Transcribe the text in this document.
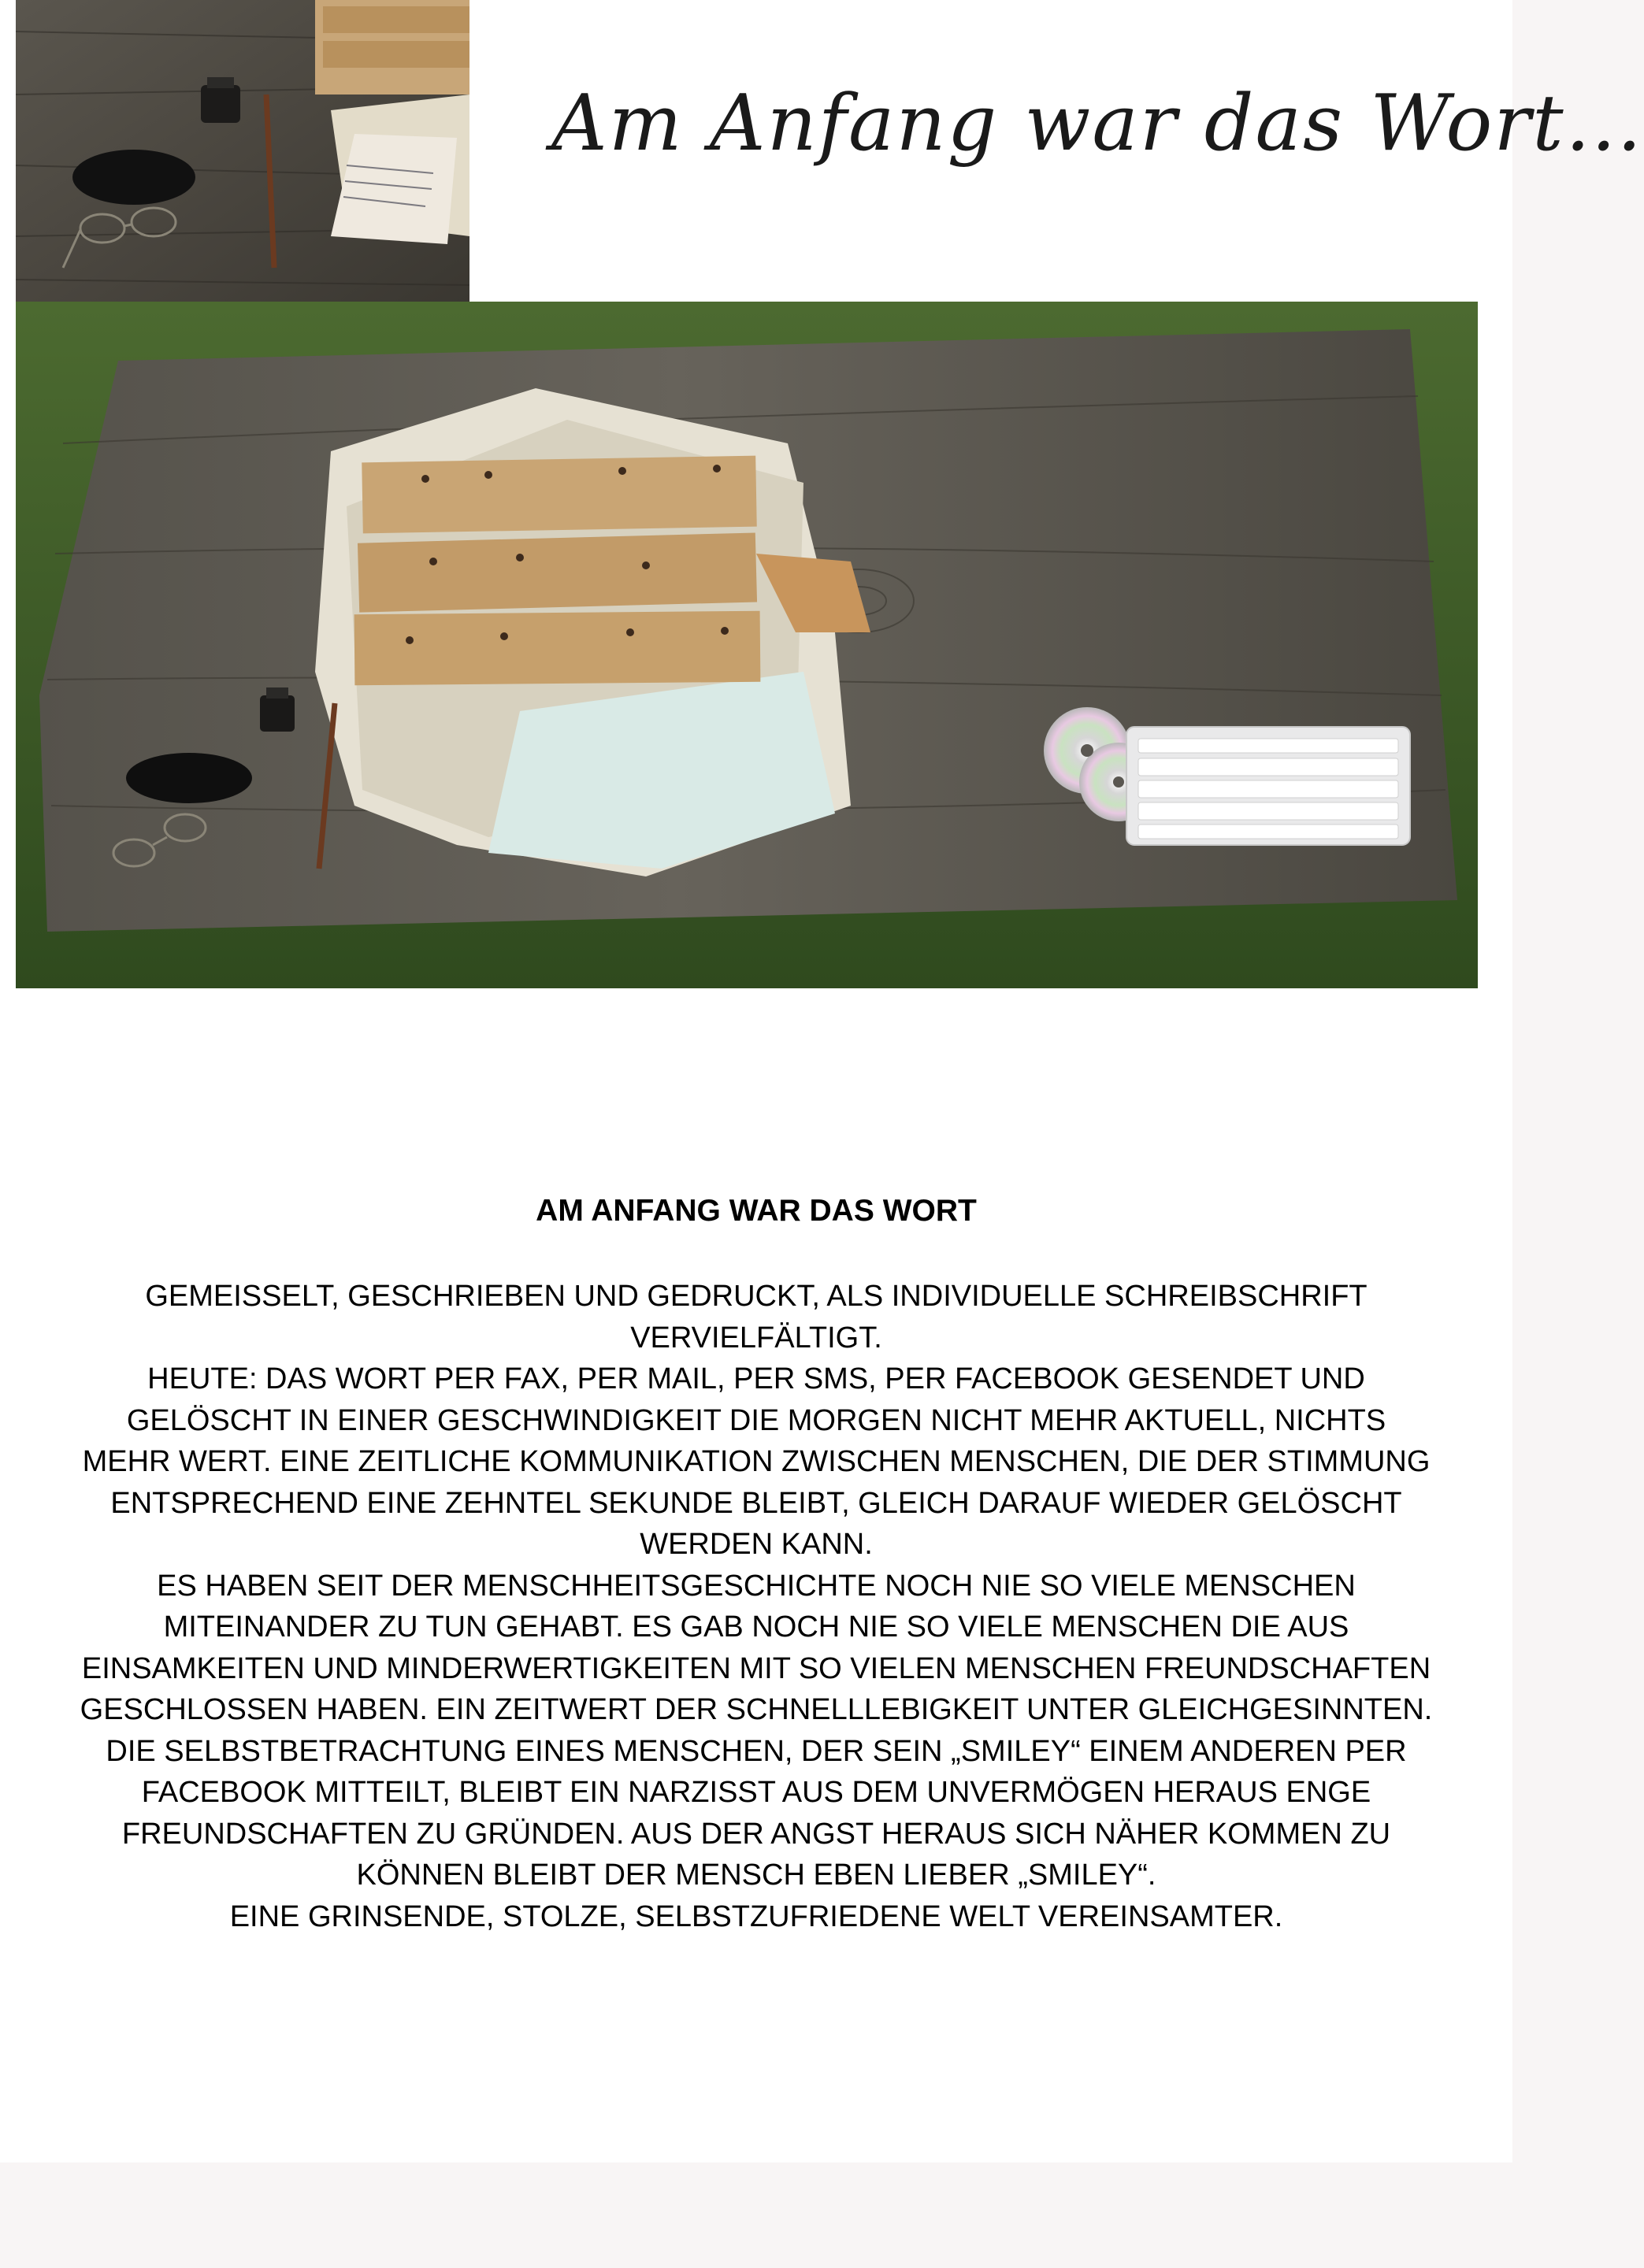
Am Anfang war das Wort…
AM ANFANG WAR DAS WORT

GEMEISSELT, GESCHRIEBEN UND GEDRUCKT, ALS INDIVIDUELLE SCHREIBSCHRIFT VERVIELFÄLTIGT.

HEUTE: DAS WORT PER FAX, PER MAIL, PER SMS, PER FACEBOOK GESENDET UND GELÖSCHT IN EINER GESCHWINDIGKEIT DIE MORGEN NICHT MEHR AKTUELL, NICHTS MEHR WERT. EINE ZEITLICHE KOMMUNIKATION ZWISCHEN MENSCHEN, DIE DER STIMMUNG ENTSPRECHEND EINE ZEHNTEL SEKUNDE BLEIBT, GLEICH DARAUF WIEDER GELÖSCHT WERDEN KANN.

ES HABEN SEIT DER MENSCHHEITSGESCHICHTE NOCH NIE SO VIELE MENSCHEN MITEINANDER ZU TUN GEHABT. ES GAB NOCH NIE SO VIELE MENSCHEN DIE AUS EINSAMKEITEN UND MINDERWERTIGKEITEN MIT SO VIELEN MENSCHEN FREUNDSCHAFTEN GESCHLOSSEN HABEN. EIN ZEITWERT DER SCHNELLLEBIGKEIT UNTER GLEICHGESINNTEN. DIE SELBSTBETRACHTUNG EINES MENSCHEN, DER SEIN „SMILEY“ EINEM ANDEREN PER FACEBOOK MITTEILT, BLEIBT EIN NARZISST AUS DEM UNVERMÖGEN HERAUS ENGE FREUNDSCHAFTEN ZU GRÜNDEN. AUS DER ANGST HERAUS SICH NÄHER KOMMEN ZU KÖNNEN BLEIBT DER MENSCH EBEN LIEBER „SMILEY“.

EINE GRINSENDE, STOLZE, SELBSTZUFRIEDENE WELT VEREINSAMTER.
